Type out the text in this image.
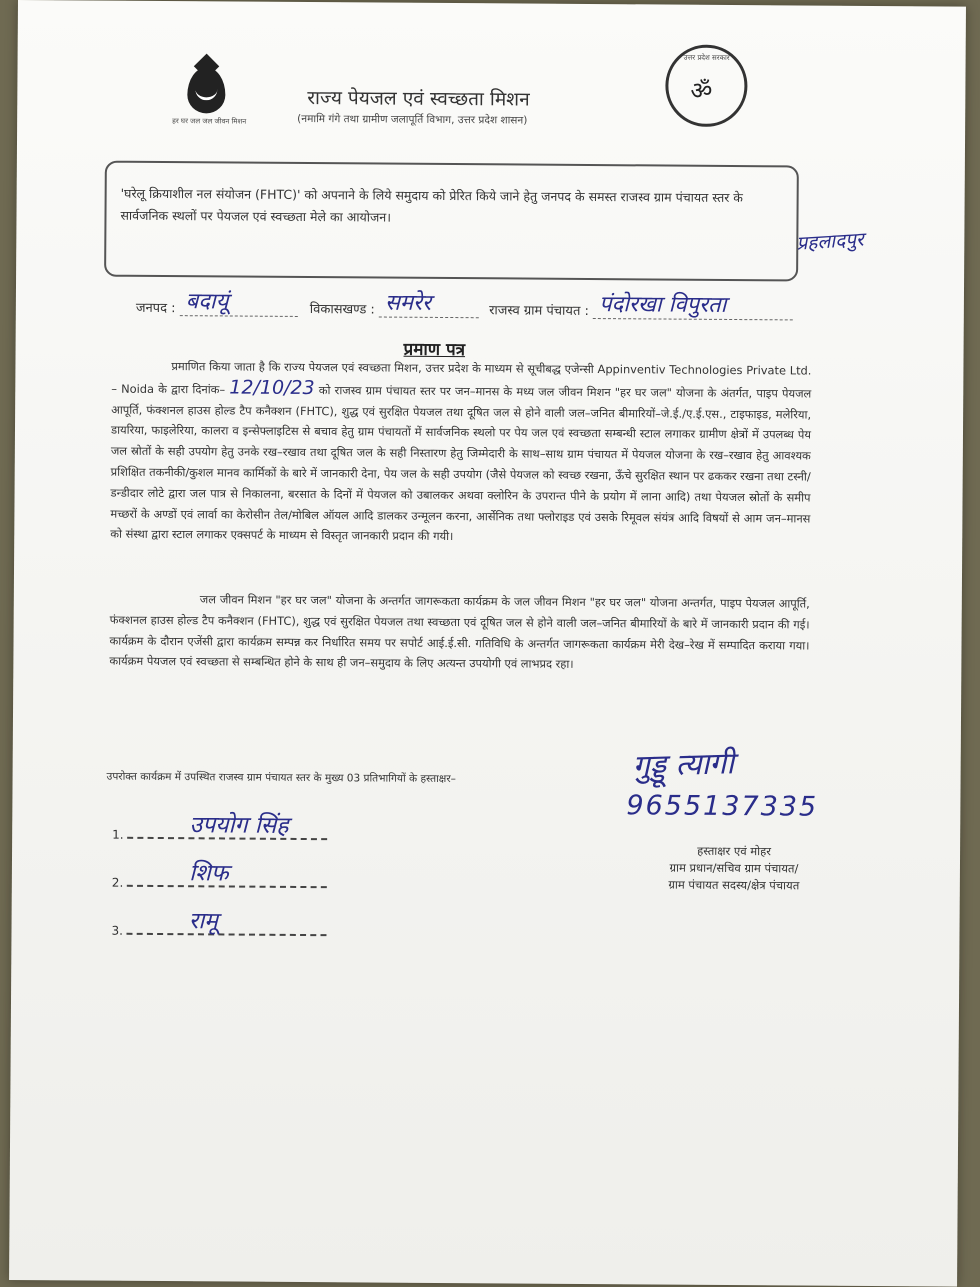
हर घर जल जल जीवन मिशन
उत्तर प्रदेश सरकार
ॐ
राज्य पेयजल एवं स्वच्छता मिशन
(नमामि गंगे तथा ग्रामीण जलापूर्ति विभाग, उत्तर प्रदेश शासन)
'घरेलू क्रियाशील नल संयोजन (FHTC)' को अपनाने के लिये समुदाय को प्रेरित किये जाने हेतु जनपद के समस्त राजस्व ग्राम पंचायत स्तर के सार्वजनिक स्थलों पर पेयजल एवं स्वच्छता मेले का आयोजन।
प्रहलादपुर
जनपद : बदायूं	विकासखण्ड : समरेर	राजस्व ग्राम पंचायत : पंदोरखा विपुरता
प्रमाण पत्र
प्रमाणित किया जाता है कि राज्य पेयजल एवं स्वच्छता मिशन, उत्तर प्रदेश के माध्यम से सूचीबद्ध एजेन्सी Appinventiv Technologies Private Ltd. – Noida के द्वारा दिनांक– 12/10/23 को राजस्व ग्राम पंचायत स्तर पर जन–मानस के मध्य जल जीवन मिशन "हर घर जल" योजना के अंतर्गत, पाइप पेयजल आपूर्ति, फंक्शनल हाउस होल्ड टैप कनैक्शन (FHTC), शुद्ध एवं सुरक्षित पेयजल तथा दूषित जल से होने वाली जल–जनित बीमारियों–जे.ई./ए.ई.एस., टाइफाइड, मलेरिया, डायरिया, फाइलेरिया, कालरा व इन्सेफ्लाइटिस से बचाव हेतु ग्राम पंचायतों में सार्वजनिक स्थलो पर पेय जल एवं स्वच्छता सम्बन्धी स्टाल लगाकर ग्रामीण क्षेत्रों में उपलब्ध पेय जल स्रोतों के सही उपयोग हेतु उनके रख–रखाव तथा दूषित जल के सही निस्तारण हेतु जिम्मेदारी के साथ–साथ ग्राम पंचायत में पेयजल योजना के रख–रखाव हेतु आवश्यक प्रशिक्षित तकनीकी/कुशल मानव कार्मिकों के बारे में जानकारी देना, पेय जल के सही उपयोग (जैसे पेयजल को स्वच्छ रखना, ऊँचे सुरक्षित स्थान पर ढककर रखना तथा टस्नी/डन्डीदार लोटे द्वारा जल पात्र से निकालना, बरसात के दिनों में पेयजल को उबालकर अथवा क्लोरिन के उपरान्त पीने के प्रयोग में लाना आदि) तथा पेयजल स्रोतों के समीप मच्छरों के अण्डों एवं लार्वा का केरोसीन तेल/मोबिल ऑयल आदि डालकर उन्मूलन करना, आर्सेनिक तथा फ्लोराइड एवं उसके रिमूवल संयंत्र आदि विषयों से आम जन–मानस को संस्था द्वारा स्टाल लगाकर एक्सपर्ट के माध्यम से विस्तृत जानकारी प्रदान की गयी।
जल जीवन मिशन "हर घर जल" योजना के अन्तर्गत जागरूकता कार्यक्रम के जल जीवन मिशन "हर घर जल" योजना अन्तर्गत, पाइप पेयजल आपूर्ति, फंक्शनल हाउस होल्ड टैप कनैक्शन (FHTC), शुद्ध एवं सुरक्षित पेयजल तथा स्वच्छता एवं दूषित जल से होने वाली जल–जनित बीमारियों के बारे में जानकारी प्रदान की गई। कार्यक्रम के दौरान एजेंसी द्वारा कार्यक्रम सम्पन्न कर निर्धारित समय पर सपोर्ट आई.ई.सी. गतिविधि के अन्तर्गत जागरूकता कार्यक्रम मेरी देख–रेख में सम्पादित कराया गया। कार्यक्रम पेयजल एवं स्वच्छता से सम्बन्धित होने के साथ ही जन–समुदाय के लिए अत्यन्त उपयोगी एवं लाभप्रद रहा।
उपरोक्त कार्यक्रम में उपस्थित राजस्व ग्राम पंचायत स्तर के मुख्य 03 प्रतिभागियों के हस्ताक्षर–
1.	उपयोग सिंह
2.	शिफ
3.	रामू
गुड्डू त्यागी
9655137335
हस्ताक्षर एवं मोहर
ग्राम प्रधान/सचिव ग्राम पंचायत/
ग्राम पंचायत सदस्य/क्षेत्र पंचायत
